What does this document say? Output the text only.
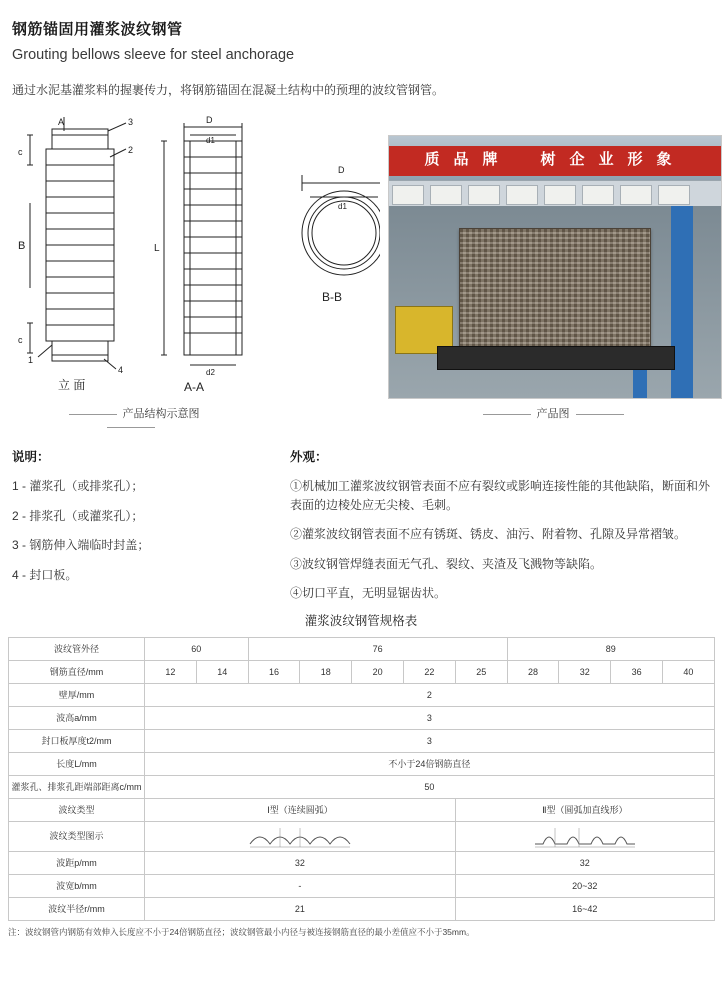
钢筋锚固用灌浆波纹钢管
Grouting bellows sleeve for steel anchorage
通过水泥基灌浆料的握裹传力，将钢筋锚固在混凝土结构中的预理的波纹管钢管。
A
c
B
c
3
2
1
4
立 面
D
d1
L
d2
A-A
D
d1
B-B
质品牌　树企业形象
产品结构示意图	产品图
说明：

1 - 灌浆孔（或排浆孔）；

2 - 排浆孔（或灌浆孔）；

3 - 钢筋伸入端临时封盖；

4 - 封口板。

外观：

①机械加工灌浆波纹钢管表面不应有裂纹或影响连接性能的其他缺陷，断面和外表面的边棱处应无尖棱、毛刺。

②灌浆波纹钢管表面不应有锈斑、锈皮、油污、附着物、孔隙及异常褶皱。

③波纹钢管焊缝表面无气孔、裂纹、夹渣及飞溅物等缺陷。

④切口平直，无明显锯齿状。

灌浆波纹钢管规格表
波纹管外径	60		76					89			
钢筋直径/mm	12	14	16	18	20	22	25	28	32	36	40
壁厚/mm	2										
波高a/mm	3										
封口板厚度t2/mm	3										
长度L/mm	不小于24倍钢筋直径										
灌浆孔、排浆孔距端部距离c/mm	50										
波纹类型	Ⅰ型（连续圆弧）						Ⅱ型（圆弧加直线形）				
波纹类型图示	

波距p/mm	32						32				
波宽b/mm	-						20~32				
波纹半径r/mm	21						16~42				
注：波纹钢管内钢筋有效伸入长度应不小于24倍钢筋直径；波纹钢管最小内径与被连接钢筋直径的最小差值应不小于35mm。
